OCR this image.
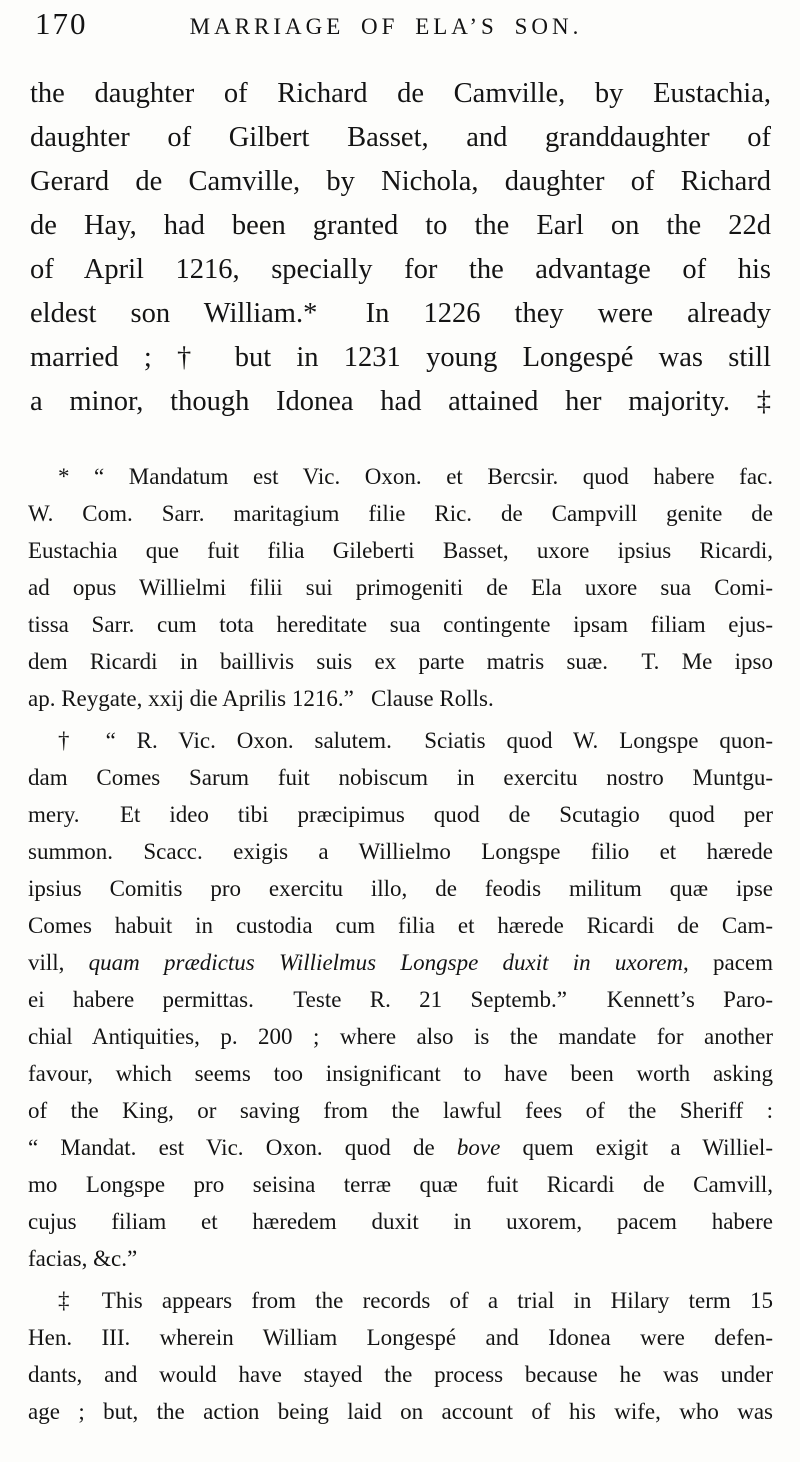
170	MARRIAGE OF ELA’S SON.
the daughter of Richard de Camville, by Eustachia,
daughter of Gilbert Basset, and granddaughter of
Gerard de Camville, by Nichola, daughter of Richard
de Hay, had been granted to the Earl on the 22d
of April 1216, specially for the advantage of his
eldest son William.*  In 1226 they were already
married ; † but in 1231 young Longespé was still
a minor, though Idonea had attained her majority. ‡
* “ Mandatum est Vic. Oxon. et Bercsir. quod habere fac.
W. Com. Sarr. maritagium filie Ric. de Campvill genite de
Eustachia que fuit filia Gileberti Basset, uxore ipsius Ricardi,
ad opus Willielmi filii sui primogeniti de Ela uxore sua Comi-
tissa Sarr. cum tota hereditate sua contingente ipsam filiam ejus-
dem Ricardi in baillivis suis ex parte matris suæ.  T. Me ipso
ap. Reygate, xxij die Aprilis 1216.”  Clause Rolls.
† “ R. Vic. Oxon. salutem.  Sciatis quod W. Longspe quon-
dam Comes Sarum fuit nobiscum in exercitu nostro Muntgu-
mery.  Et ideo tibi præcipimus quod de Scutagio quod per
summon. Scacc. exigis a Willielmo Longspe filio et hærede
ipsius Comitis pro exercitu illo, de feodis militum quæ ipse
Comes habuit in custodia cum filia et hærede Ricardi de Cam-
vill, quam prædictus Willielmus Longspe duxit in uxorem, pacem
ei habere permittas.  Teste R. 21 Septemb.”  Kennett’s Paro-
chial Antiquities, p. 200 ; where also is the mandate for another
favour, which seems too insignificant to have been worth asking
of the King, or saving from the lawful fees of the Sheriff :
“ Mandat. est Vic. Oxon. quod de bove quem exigit a Williel-
mo Longspe pro seisina terræ quæ fuit Ricardi de Camvill,
cujus filiam et hæredem duxit in uxorem, pacem habere
facias, &c.”
‡ This appears from the records of a trial in Hilary term 15
Hen. III. wherein William Longespé and Idonea were defen-
dants, and would have stayed the process because he was under
age ; but, the action being laid on account of his wife, who was
